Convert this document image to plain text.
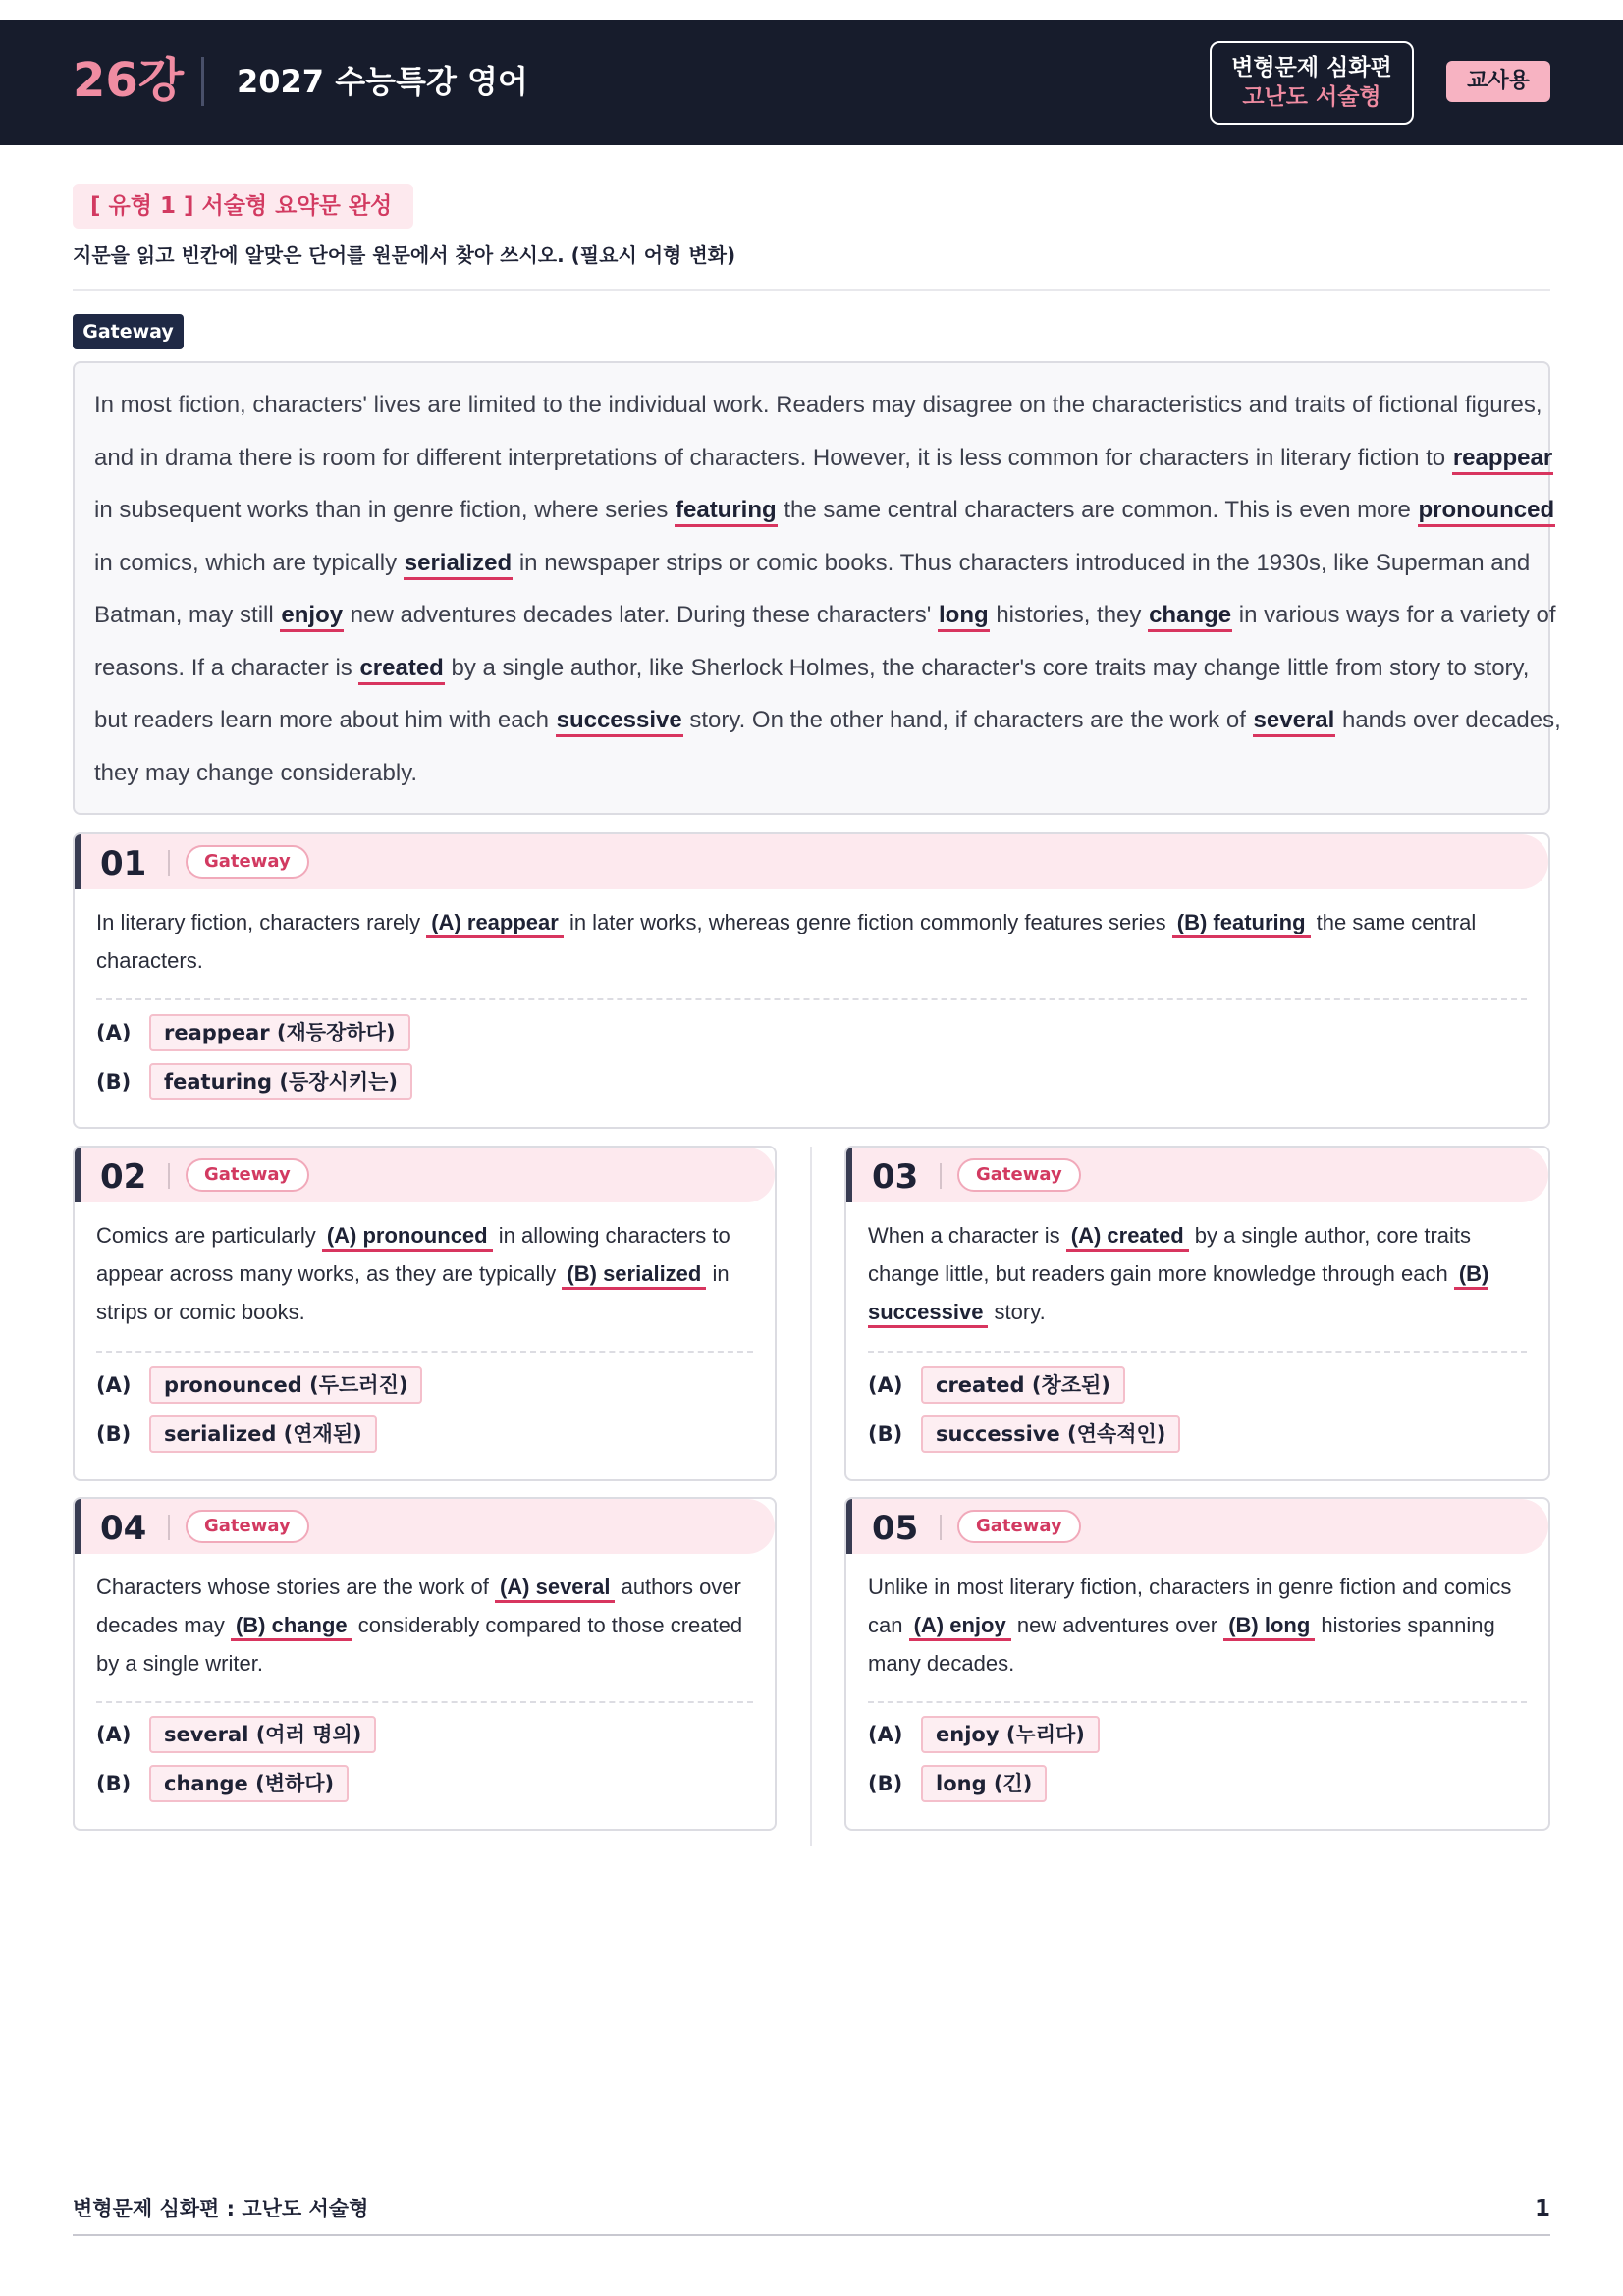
26강 2027 수능특강 영어	변형문제 심화편
고난도 서술형
교사용
[ 유형 1 ] 서술형 요약문 완성
지문을 읽고 빈칸에 알맞은 단어를 원문에서 찾아 쓰시오. (필요시 어형 변화)
Gateway
In most fiction, characters' lives are limited to the individual work. Readers may disagree on the characteristics and traits of fictional figures,
and in drama there is room for different interpretations of characters. However, it is less common for characters in literary fiction to reappear
in subsequent works than in genre fiction, where series featuring the same central characters are common. This is even more pronounced
in comics, which are typically serialized in newspaper strips or comic books. Thus characters introduced in the 1930s, like Superman and
Batman, may still enjoy new adventures decades later. During these characters' long histories, they change in various ways for a variety of
reasons. If a character is created by a single author, like Sherlock Holmes, the character's core traits may change little from story to story,
but readers learn more about him with each successive story. On the other hand, if characters are the work of several hands over decades,
they may change considerably.
01	Gateway
In literary fiction, characters rarely (A) reappear in later works, whereas genre fiction commonly features series (B) featuring the same central characters.
(A)	reappear (재등장하다)
(B)	featuring (등장시키는)
02	Gateway
Comics are particularly (A) pronounced in allowing characters to appear across many works, as they are typically (B) serialized in strips or comic books.
(A)	pronounced (두드러진)
(B)	serialized (연재된)
03	Gateway
When a character is (A) created by a single author, core traits change little, but readers gain more knowledge through each (B) successive story.
(A)	created (창조된)
(B)	successive (연속적인)
04	Gateway
Characters whose stories are the work of (A) several authors over decades may (B) change considerably compared to those created by a single writer.
(A)	several (여러 명의)
(B)	change (변하다)
05	Gateway
Unlike in most literary fiction, characters in genre fiction and comics can (A) enjoy new adventures over (B) long histories spanning many decades.
(A)	enjoy (누리다)
(B)	long (긴)
변형문제 심화편 : 고난도 서술형	1
